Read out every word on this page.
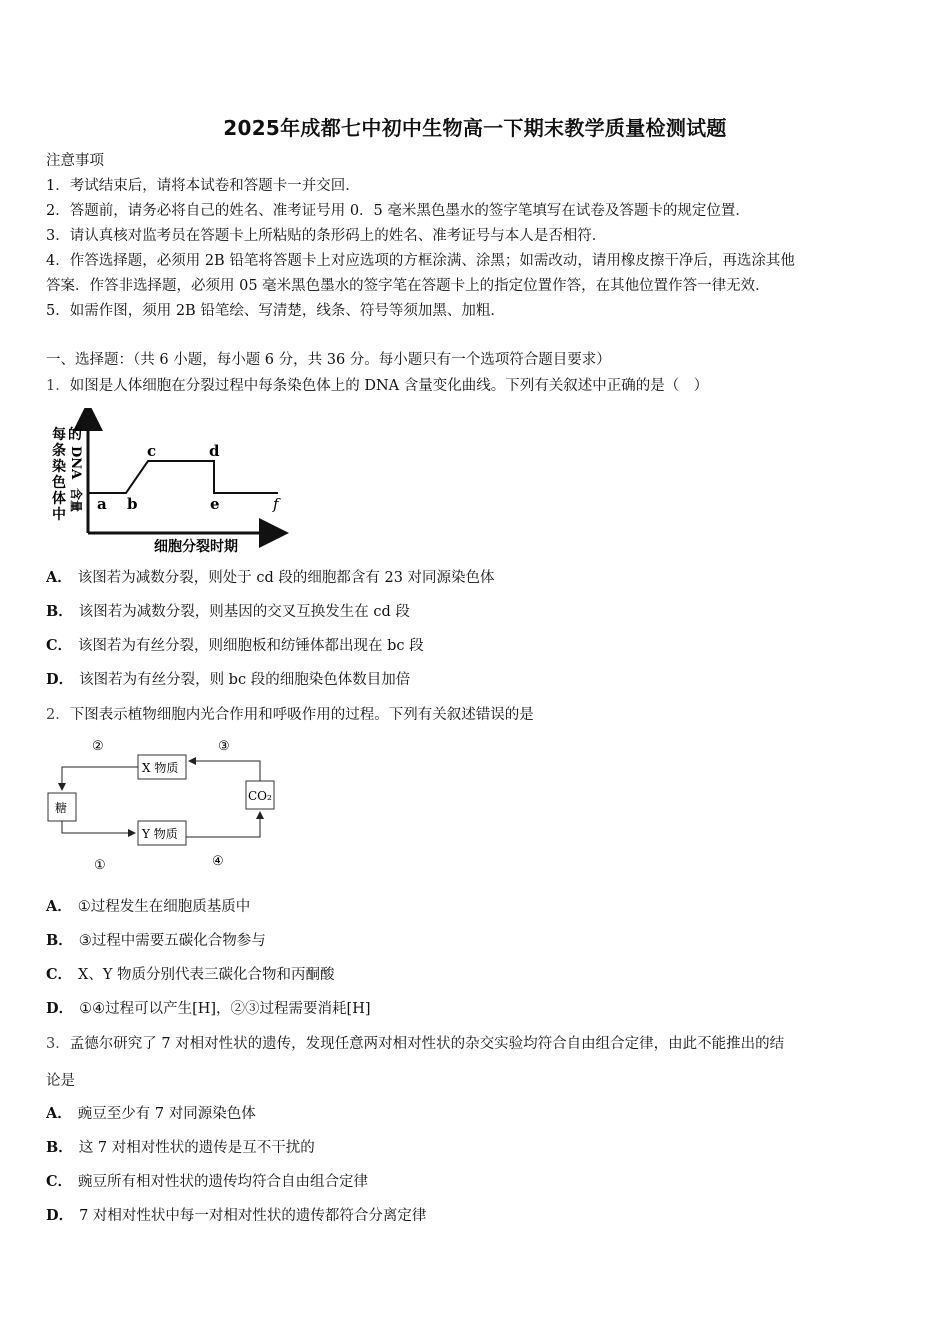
2025年成都七中初中生物高一下期末教学质量检测试题
注意事项
1．考试结束后，请将本试卷和答题卡一并交回．
2．答题前，请务必将自己的姓名、准考证号用 0．5 毫米黑色墨水的签字笔填写在试卷及答题卡的规定位置．
3．请认真核对监考员在答题卡上所粘贴的条形码上的姓名、准考证号与本人是否相符．
4．作答选择题，必须用 2B 铅笔将答题卡上对应选项的方框涂满、涂黑；如需改动，请用橡皮擦干净后，再选涂其他
答案．作答非选择题，必须用 05 毫米黑色墨水的签字笔在答题卡上的指定位置作答，在其他位置作答一律无效．
5．如需作图，须用 2B 铅笔绘、写清楚，线条、符号等须加黑、加粗．
一、选择题：（共 6 小题，每小题 6 分，共 36 分。每小题只有一个选项符合题目要求）
1．如图是人体细胞在分裂过程中每条染色体上的 DNA 含量变化曲线。下列有关叙述中正确的是（　）
的
每
条
染
色
体
中
DNA
含量 a b
c	d
e	f
细胞分裂时期
A． 该图若为减数分裂，则处于 cd 段的细胞都含有 23 对同源染色体
B． 该图若为减数分裂，则基因的交叉互换发生在 cd 段
C． 该图若为有丝分裂，则细胞板和纺锤体都出现在 bc 段
D． 该图若为有丝分裂，则 bc 段的细胞染色体数目加倍
2．下图表示植物细胞内光合作用和呼吸作用的过程。下列有关叙述错误的是
X 物质
糖
CO₂
Y 物质
②	③
①	④
A． ①过程发生在细胞质基质中
B． ③过程中需要五碳化合物参与
C． X、Y 物质分别代表三碳化合物和丙酮酸
D． ①④过程可以产生[H]，②③过程需要消耗[H]
3．孟德尔研究了 7 对相对性状的遗传，发现任意两对相对性状的杂交实验均符合自由组合定律，由此不能推出的结
论是
A． 豌豆至少有 7 对同源染色体
B． 这 7 对相对性状的遗传是互不干扰的
C． 豌豆所有相对性状的遗传均符合自由组合定律
D． 7 对相对性状中每一对相对性状的遗传都符合分离定律
